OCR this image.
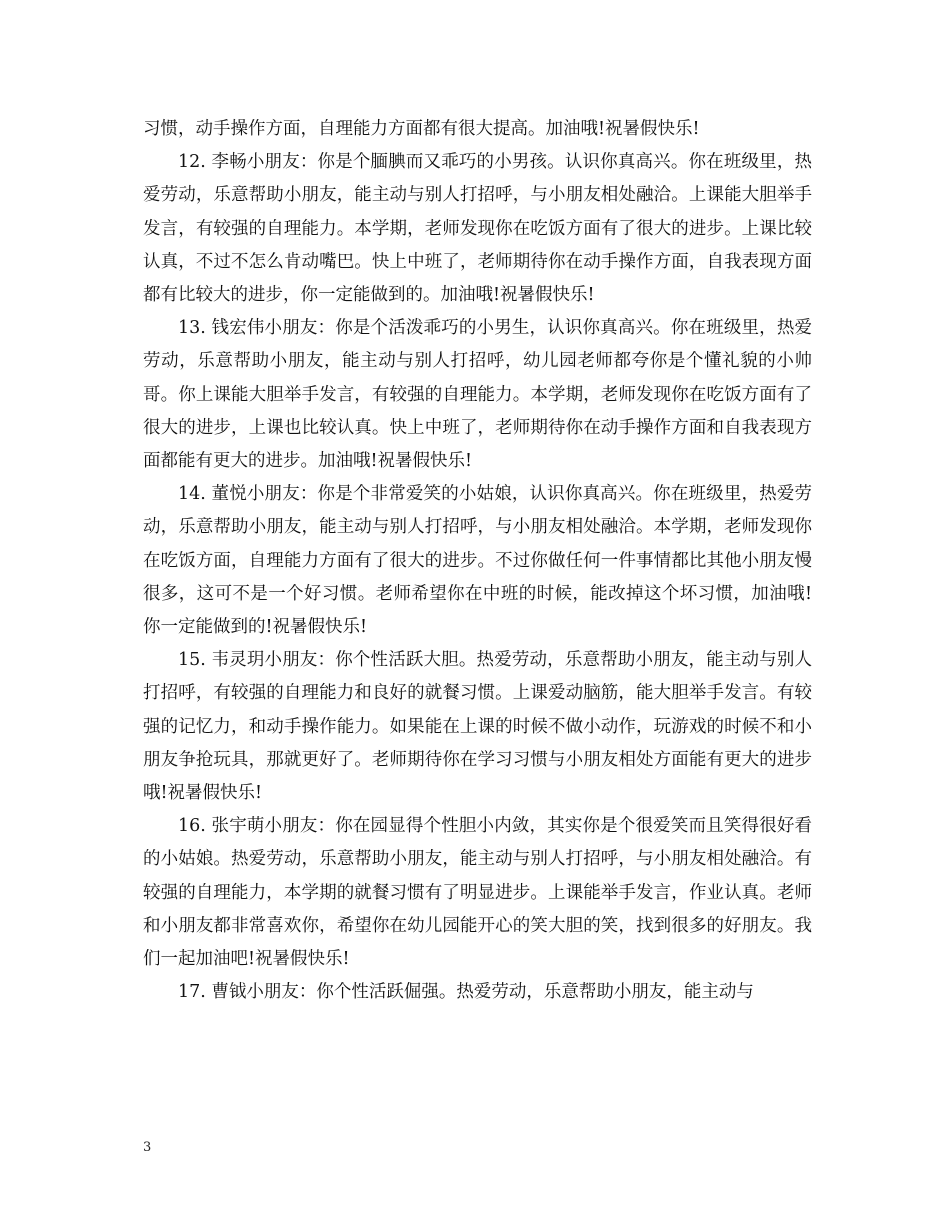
习惯，动手操作方面，自理能力方面都有很大提高。加油哦!祝暑假快乐!

12. 李畅小朋友：你是个腼腆而又乖巧的小男孩。认识你真高兴。你在班级里，热爱劳动，乐意帮助小朋友，能主动与别人打招呼，与小朋友相处融洽。上课能大胆举手发言，有较强的自理能力。本学期，老师发现你在吃饭方面有了很大的进步。上课比较认真，不过不怎么肯动嘴巴。快上中班了，老师期待你在动手操作方面，自我表现方面都有比较大的进步，你一定能做到的。加油哦!祝暑假快乐!

13. 钱宏伟小朋友：你是个活泼乖巧的小男生，认识你真高兴。你在班级里，热爱劳动，乐意帮助小朋友，能主动与别人打招呼，幼儿园老师都夸你是个懂礼貌的小帅哥。你上课能大胆举手发言，有较强的自理能力。本学期，老师发现你在吃饭方面有了很大的进步，上课也比较认真。快上中班了，老师期待你在动手操作方面和自我表现方面都能有更大的进步。加油哦!祝暑假快乐!

14. 董悦小朋友：你是个非常爱笑的小姑娘，认识你真高兴。你在班级里，热爱劳动，乐意帮助小朋友，能主动与别人打招呼，与小朋友相处融洽。本学期，老师发现你在吃饭方面，自理能力方面有了很大的进步。不过你做任何一件事情都比其他小朋友慢很多，这可不是一个好习惯。老师希望你在中班的时候，能改掉这个坏习惯，加油哦!你一定能做到的!祝暑假快乐!

15. 韦灵玥小朋友：你个性活跃大胆。热爱劳动，乐意帮助小朋友，能主动与别人打招呼，有较强的自理能力和良好的就餐习惯。上课爱动脑筋，能大胆举手发言。有较强的记忆力，和动手操作能力。如果能在上课的时候不做小动作，玩游戏的时候不和小朋友争抢玩具，那就更好了。老师期待你在学习习惯与小朋友相处方面能有更大的进步哦!祝暑假快乐!

16. 张宇萌小朋友：你在园显得个性胆小内敛，其实你是个很爱笑而且笑得很好看的小姑娘。热爱劳动，乐意帮助小朋友，能主动与别人打招呼，与小朋友相处融洽。有较强的自理能力，本学期的就餐习惯有了明显进步。上课能举手发言，作业认真。老师和小朋友都非常喜欢你，希望你在幼儿园能开心的笑大胆的笑，找到很多的好朋友。我们一起加油吧!祝暑假快乐!

17. 曹钺小朋友：你个性活跃倔强。热爱劳动，乐意帮助小朋友，能主动与

3
